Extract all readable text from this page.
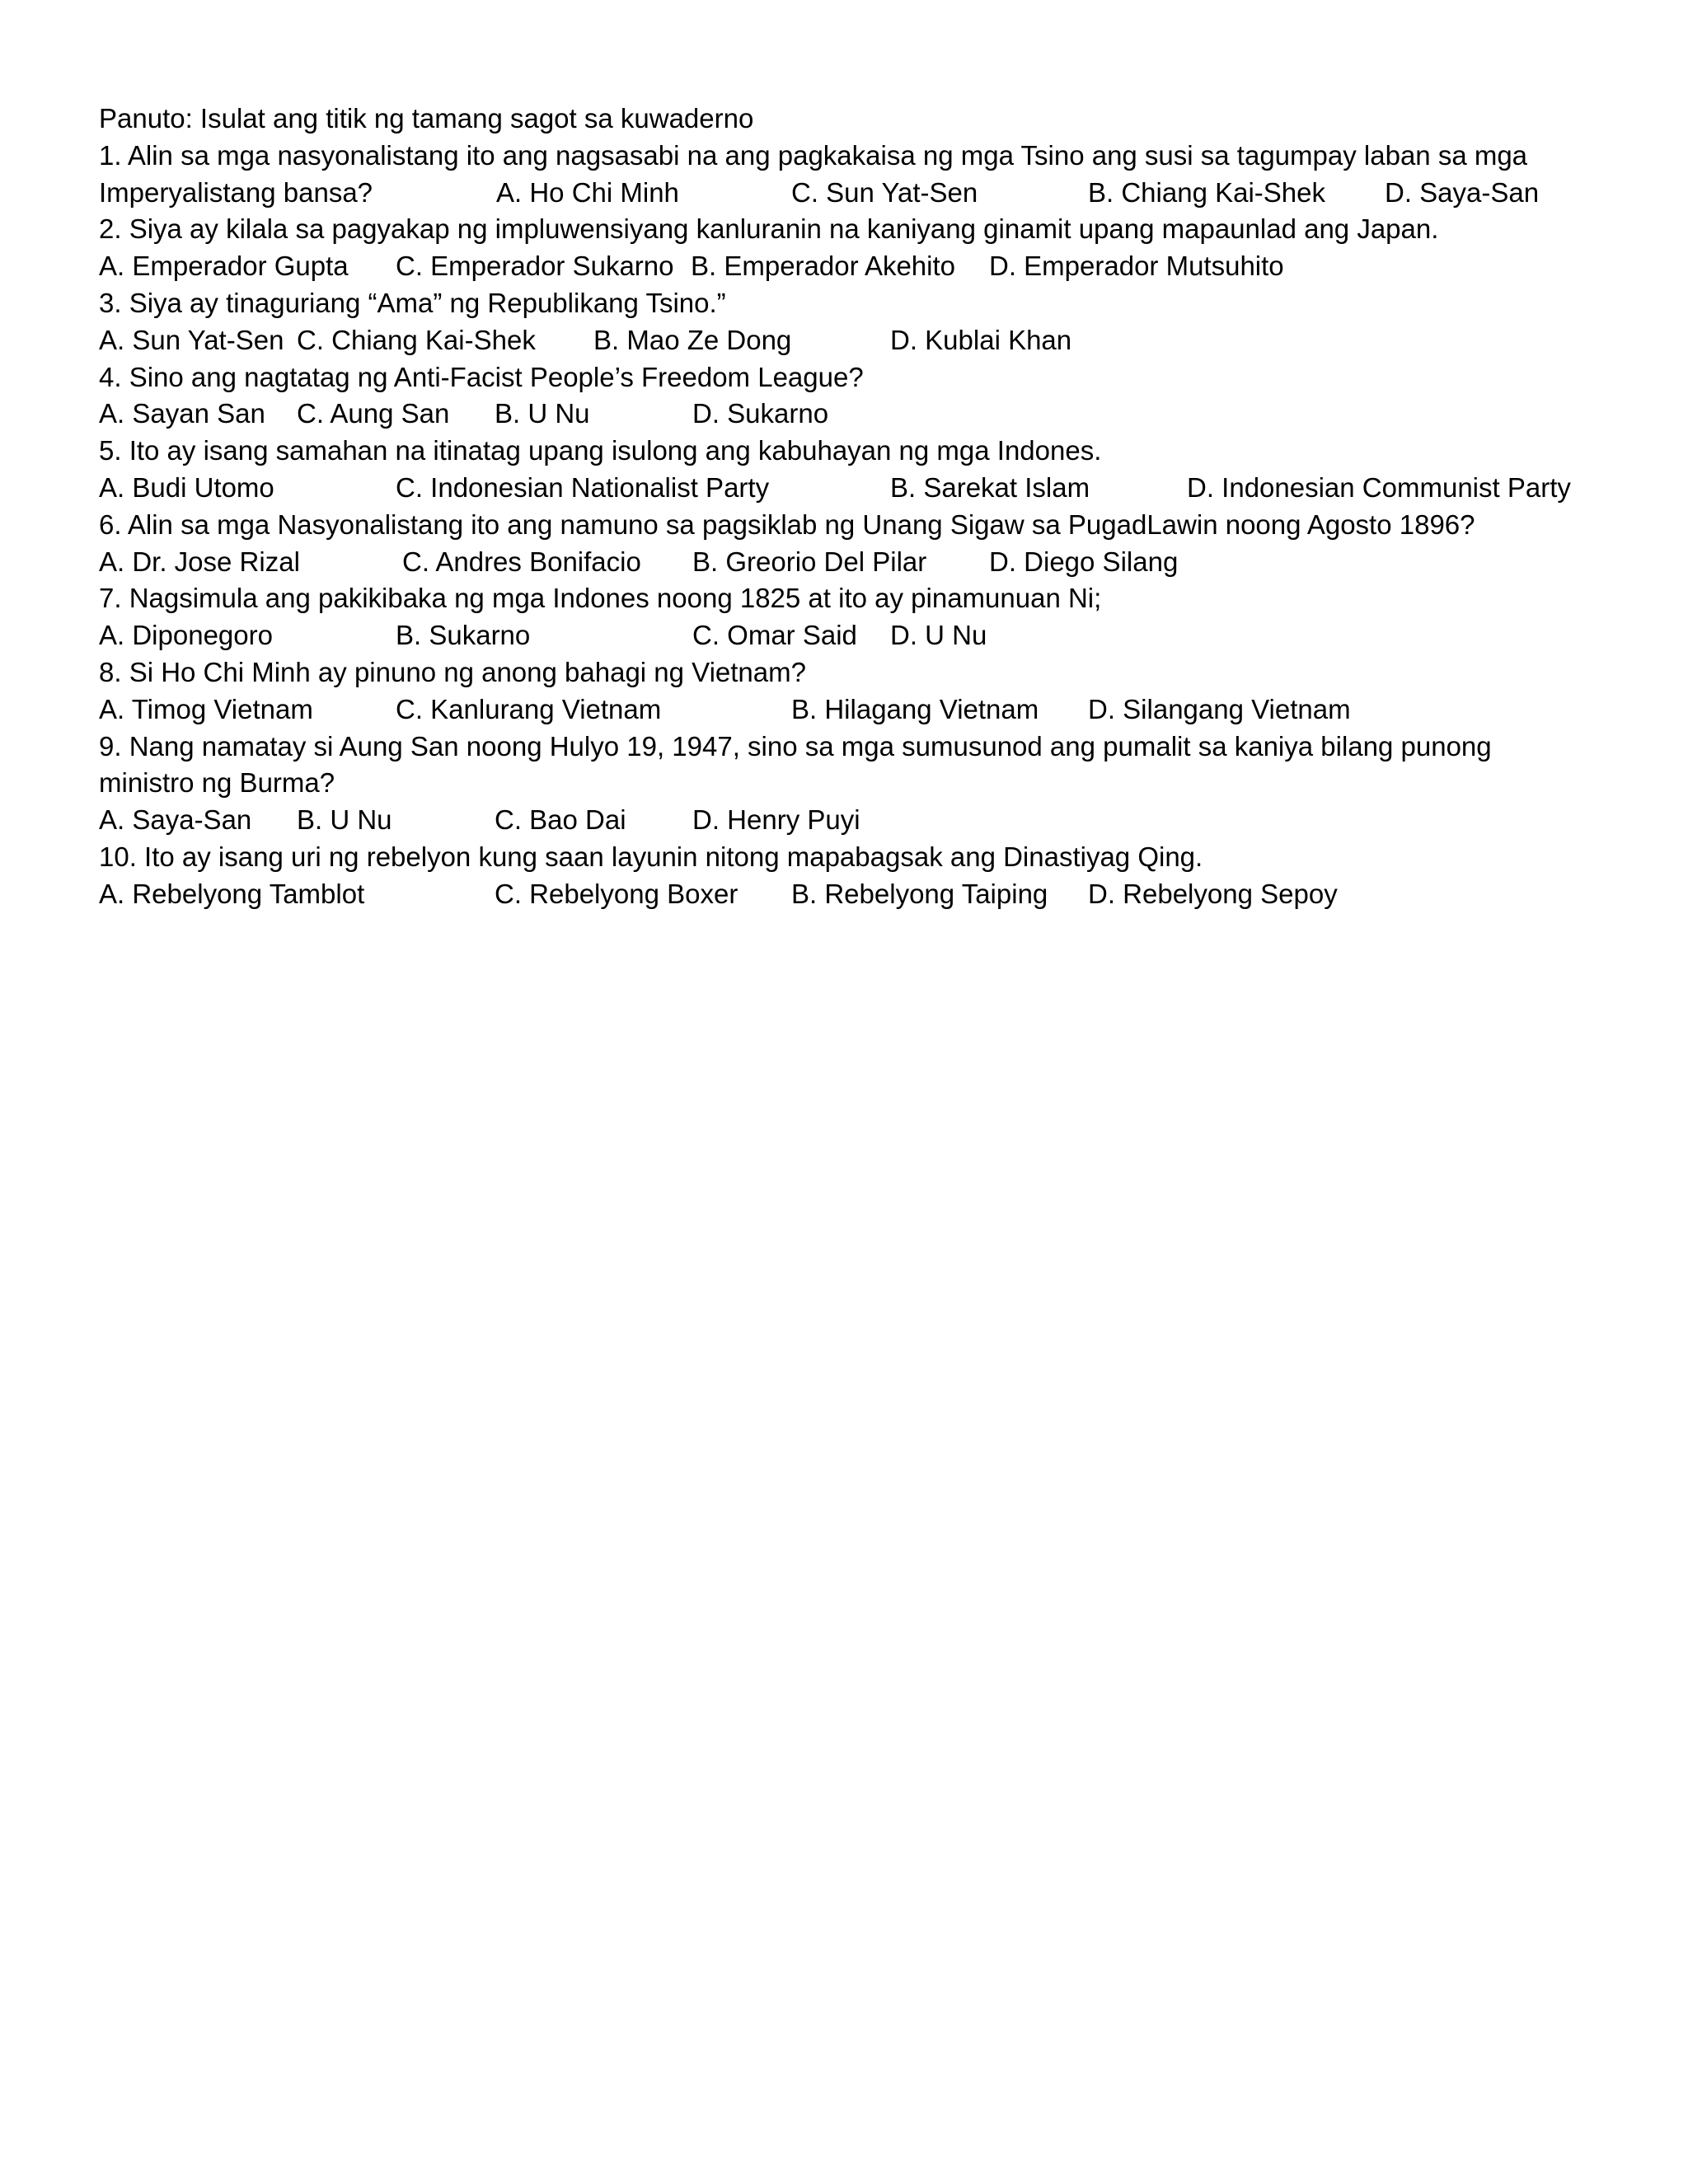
Panuto: Isulat ang titik ng tamang sagot sa kuwaderno
1. Alin sa mga nasyonalistang ito ang nagsasabi na ang pagkakaisa ng mga Tsino ang susi sa tagumpay laban sa mga
Imperyalistang bansa?	A. Ho Chi Minh	C. Sun Yat-Sen	B. Chiang Kai-Shek D. Saya-San
2. Siya ay kilala sa pagyakap ng impluwensiyang kanluranin na kaniyang ginamit upang mapaunlad ang Japan.
A. Emperador Gupta C. Emperador Sukarno B. Emperador Akehito D. Emperador Mutsuhito
3. Siya ay tinaguriang “Ama” ng Republikang Tsino.”
A. Sun Yat-Sen C. Chiang Kai-Shek B. Mao Ze Dong	D. Kublai Khan
4. Sino ang nagtatag ng Anti-Facist People’s Freedom League?
A. Sayan San C. Aung San B. U Nu	D. Sukarno
5. Ito ay isang samahan na itinatag upang isulong ang kabuhayan ng mga Indones.
A. Budi Utomo	C. Indonesian Nationalist Party	B. Sarekat Islam	D. Indonesian Communist Party
6. Alin sa mga Nasyonalistang ito ang namuno sa pagsiklab ng Unang Sigaw sa PugadLawin noong Agosto 1896?
A. Dr. Jose Rizal	C. Andres Bonifacio B. Greorio Del Pilar D. Diego Silang
7. Nagsimula ang pakikibaka ng mga Indones noong 1825 at ito ay pinamunuan Ni;
A. Diponegoro	B. Sukarno	C. Omar Said D. U Nu
8. Si Ho Chi Minh ay pinuno ng anong bahagi ng Vietnam?
A. Timog Vietnam	C. Kanlurang Vietnam	B. Hilagang Vietnam D. Silangang Vietnam
9. Nang namatay si Aung San noong Hulyo 19, 1947, sino sa mga sumusunod ang pumalit sa kaniya bilang punong
ministro ng Burma?
A. Saya-San B. U Nu	C. Bao Dai D. Henry Puyi
10. Ito ay isang uri ng rebelyon kung saan layunin nitong mapabagsak ang Dinastiyag Qing.
A. Rebelyong Tamblot	C. Rebelyong Boxer B. Rebelyong Taiping D. Rebelyong Sepoy
